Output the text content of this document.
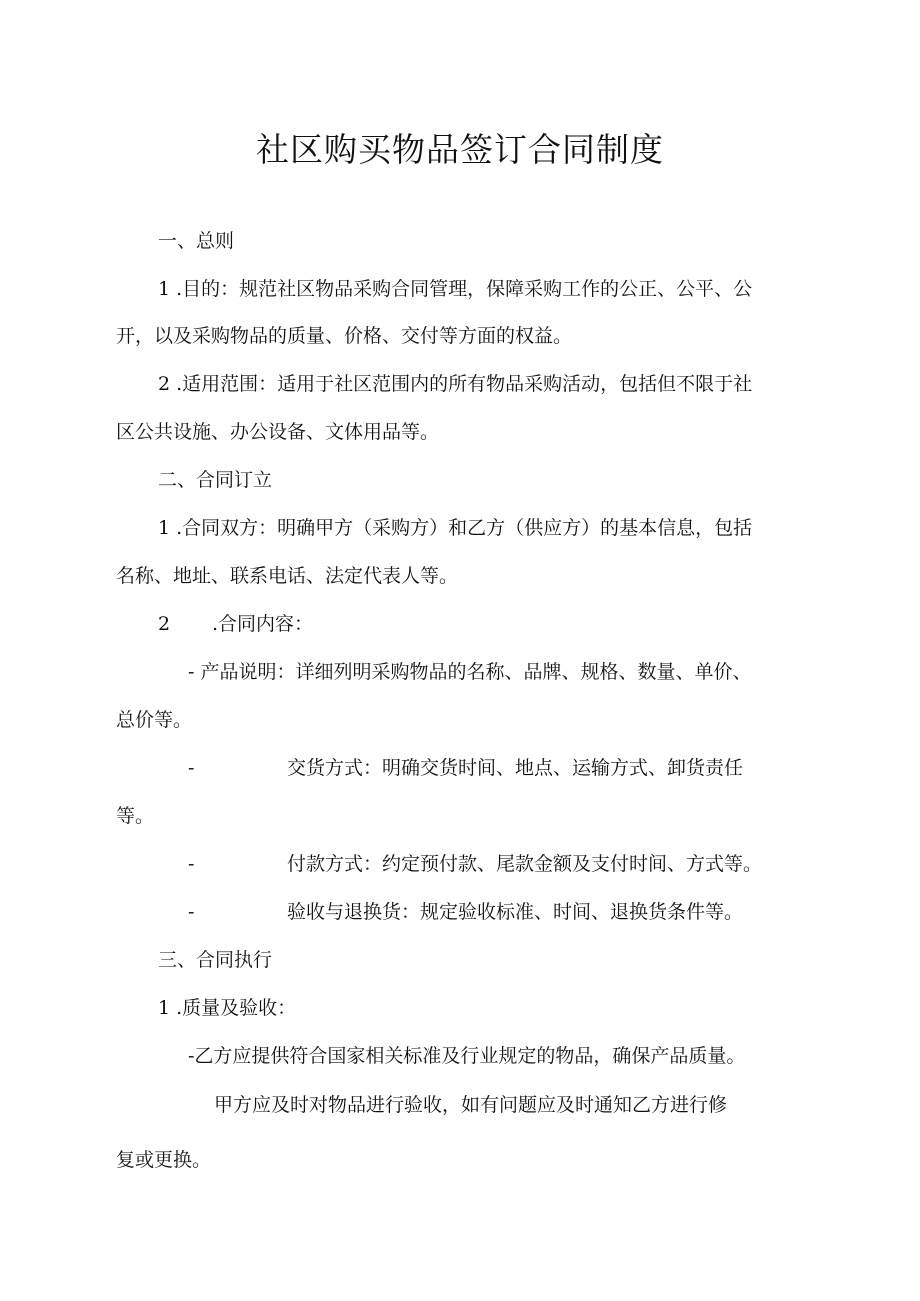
社区购买物品签订合同制度
一、总则
1 .目的：规范社区物品采购合同管理，保障采购工作的公正、公平、公
开，以及采购物品的质量、价格、交付等方面的权益。
2 .适用范围：适用于社区范围内的所有物品采购活动，包括但不限于社
区公共设施、办公设备、文体用品等。
二、合同订立
1 .合同双方：明确甲方（采购方）和乙方（供应方）的基本信息，包括
名称、地址、联系电话、法定代表人等。
2 .合同内容：
- 产品说明：详细列明采购物品的名称、品牌、规格、数量、单价、
总价等。
-	交货方式：明确交货时间、地点、运输方式、卸货责任
等。
-	付款方式：约定预付款、尾款金额及支付时间、方式等。
-	验收与退换货：规定验收标准、时间、退换货条件等。
三、合同执行
1 .质量及验收：
-乙方应提供符合国家相关标准及行业规定的物品，确保产品质量。
甲方应及时对物品进行验收，如有问题应及时通知乙方进行修
复或更换。
